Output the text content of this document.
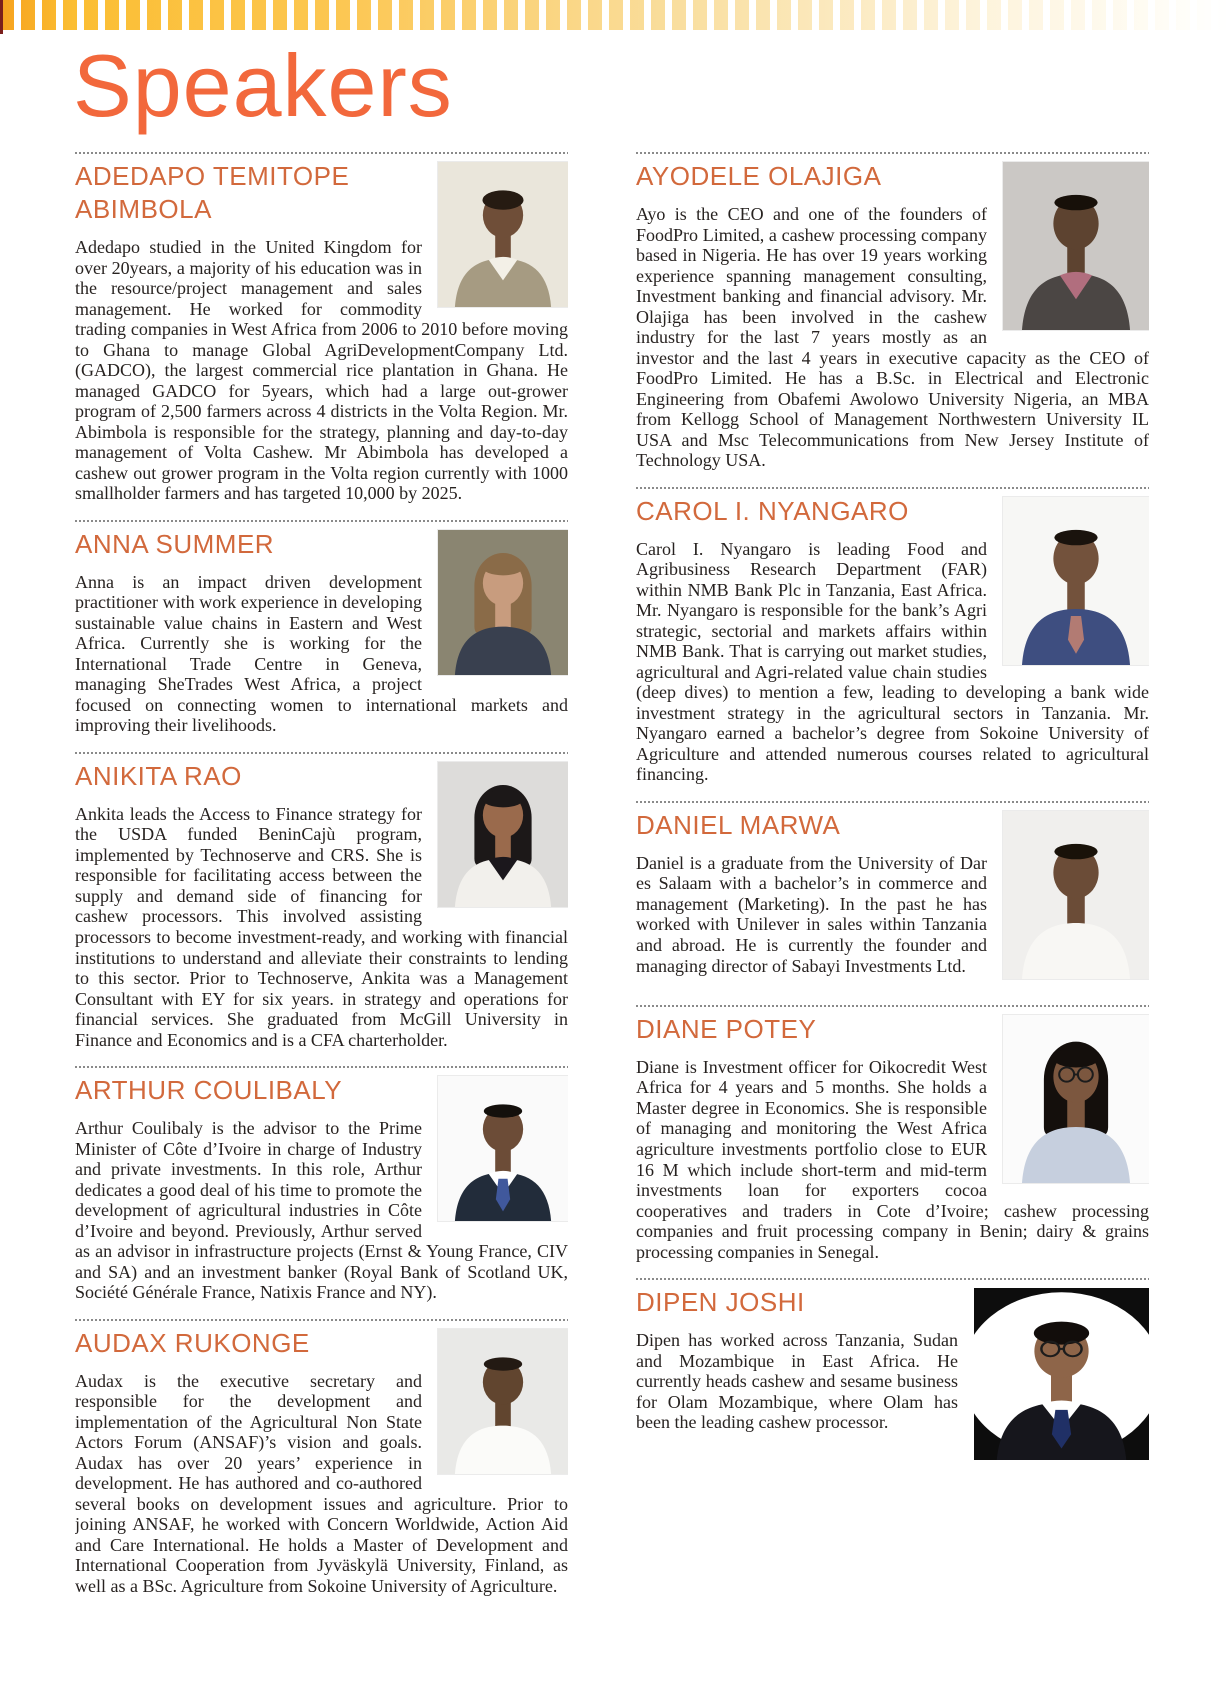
Speakers
ADEDAPO TEMITOPE ABIMBOLA

Adedapo studied in the United Kingdom for over 20years, a majority of his education was in the resource/project management and sales management. He worked for commodity trading companies in West Africa from 2006 to 2010 before moving to Ghana to manage Global AgriDevelopmentCompany Ltd. (GADCO), the largest commercial rice plantation in Ghana. He managed GADCO for 5years, which had a large out-grower program of 2,500 farmers across 4 districts in the Volta Region. Mr. Abimbola is responsible for the strategy, planning and day-to-day management of Volta Cashew. Mr Abimbola has developed a cashew out grower program in the Volta region currently with 1000 smallholder farmers and has targeted 10,000 by 2025.

ANNA SUMMER

Anna is an impact driven development practitioner with work experience in developing sustainable value chains in Eastern and West Africa. Currently she is working for the International Trade Centre in Geneva, managing SheTrades West Africa, a project focused on connecting women to international markets and improving their livelihoods.

ANIKITA RAO

Ankita leads the Access to Finance strategy for the USDA funded BeninCajù program, implemented by Technoserve and CRS. She is responsible for facilitating access between the supply and demand side of financing for cashew processors. This involved assisting processors to become investment-ready, and working with financial institutions to understand and alleviate their constraints to lending to this sector. Prior to Technoserve, Ankita was a Management Consultant with EY for six years. in strategy and operations for financial services. She graduated from McGill University in Finance and Economics and is a CFA charterholder.

ARTHUR COULIBALY

Arthur Coulibaly is the advisor to the Prime Minister of Côte d’Ivoire in charge of Industry and private investments. In this role, Arthur dedicates a good deal of his time to promote the development of agricultural industries in Côte d’Ivoire and beyond. Previously, Arthur served as an advisor in infrastructure projects (Ernst & Young France, CIV and SA) and an investment banker (Royal Bank of Scotland UK, Société Générale France, Natixis France and NY).

AUDAX RUKONGE

Audax is the executive secretary and responsible for the development and implementation of the Agricultural Non State Actors Forum (ANSAF)’s vision and goals. Audax has over 20 years’ experience in development. He has authored and co-authored several books on development issues and agriculture. Prior to joining ANSAF, he worked with Concern Worldwide, Action Aid and Care International. He holds a Master of Development and International Cooperation from Jyväskylä University, Finland, as well as a BSc. Agriculture from Sokoine University of Agriculture.

AYODELE OLAJIGA

Ayo is the CEO and one of the founders of FoodPro Limited, a cashew processing company based in Nigeria. He has over 19 years working experience spanning management consulting, Investment banking and financial advisory. Mr. Olajiga has been involved in the cashew industry for the last 7 years mostly as an investor and the last 4 years in executive capacity as the CEO of FoodPro Limited. He has a B.Sc. in Electrical and Electronic Engineering from Obafemi Awolowo University Nigeria, an MBA from Kellogg School of Management Northwestern University IL USA and Msc Telecommunications from New Jersey Institute of Technology USA.

CAROL I. NYANGARO

Carol I. Nyangaro is leading Food and Agribusiness Research Department (FAR) within NMB Bank Plc in Tanzania, East Africa. Mr. Nyangaro is responsible for the bank’s Agri strategic, sectorial and markets affairs within NMB Bank. That is carrying out market studies, agricultural and Agri-related value chain studies (deep dives) to mention a few, leading to developing a bank wide investment strategy in the agricultural sectors in Tanzania. Mr. Nyangaro earned a bachelor’s degree from Sokoine University of Agriculture and attended numerous courses related to agricultural financing.

DANIEL MARWA

Daniel is a graduate from the University of Dar es Salaam with a bachelor’s in commerce and management (Marketing). In the past he has worked with Unilever in sales within Tanzania and abroad. He is currently the founder and managing director of Sabayi Investments Ltd.

DIANE POTEY

Diane is Investment officer for Oikocredit West Africa for 4 years and 5 months. She holds a Master degree in Economics. She is responsible of managing and monitoring the West Africa agriculture investments portfolio close to EUR 16 M which include short-term and mid-term investments loan for exporters cocoa cooperatives and traders in Cote d’Ivoire; cashew processing companies and fruit processing company in Benin; dairy & grains processing companies in Senegal.

DIPEN JOSHI

Dipen has worked across Tanzania, Sudan and Mozambique in East Africa. He currently heads cashew and sesame business for Olam Mozambique, where Olam has been the leading cashew processor.
